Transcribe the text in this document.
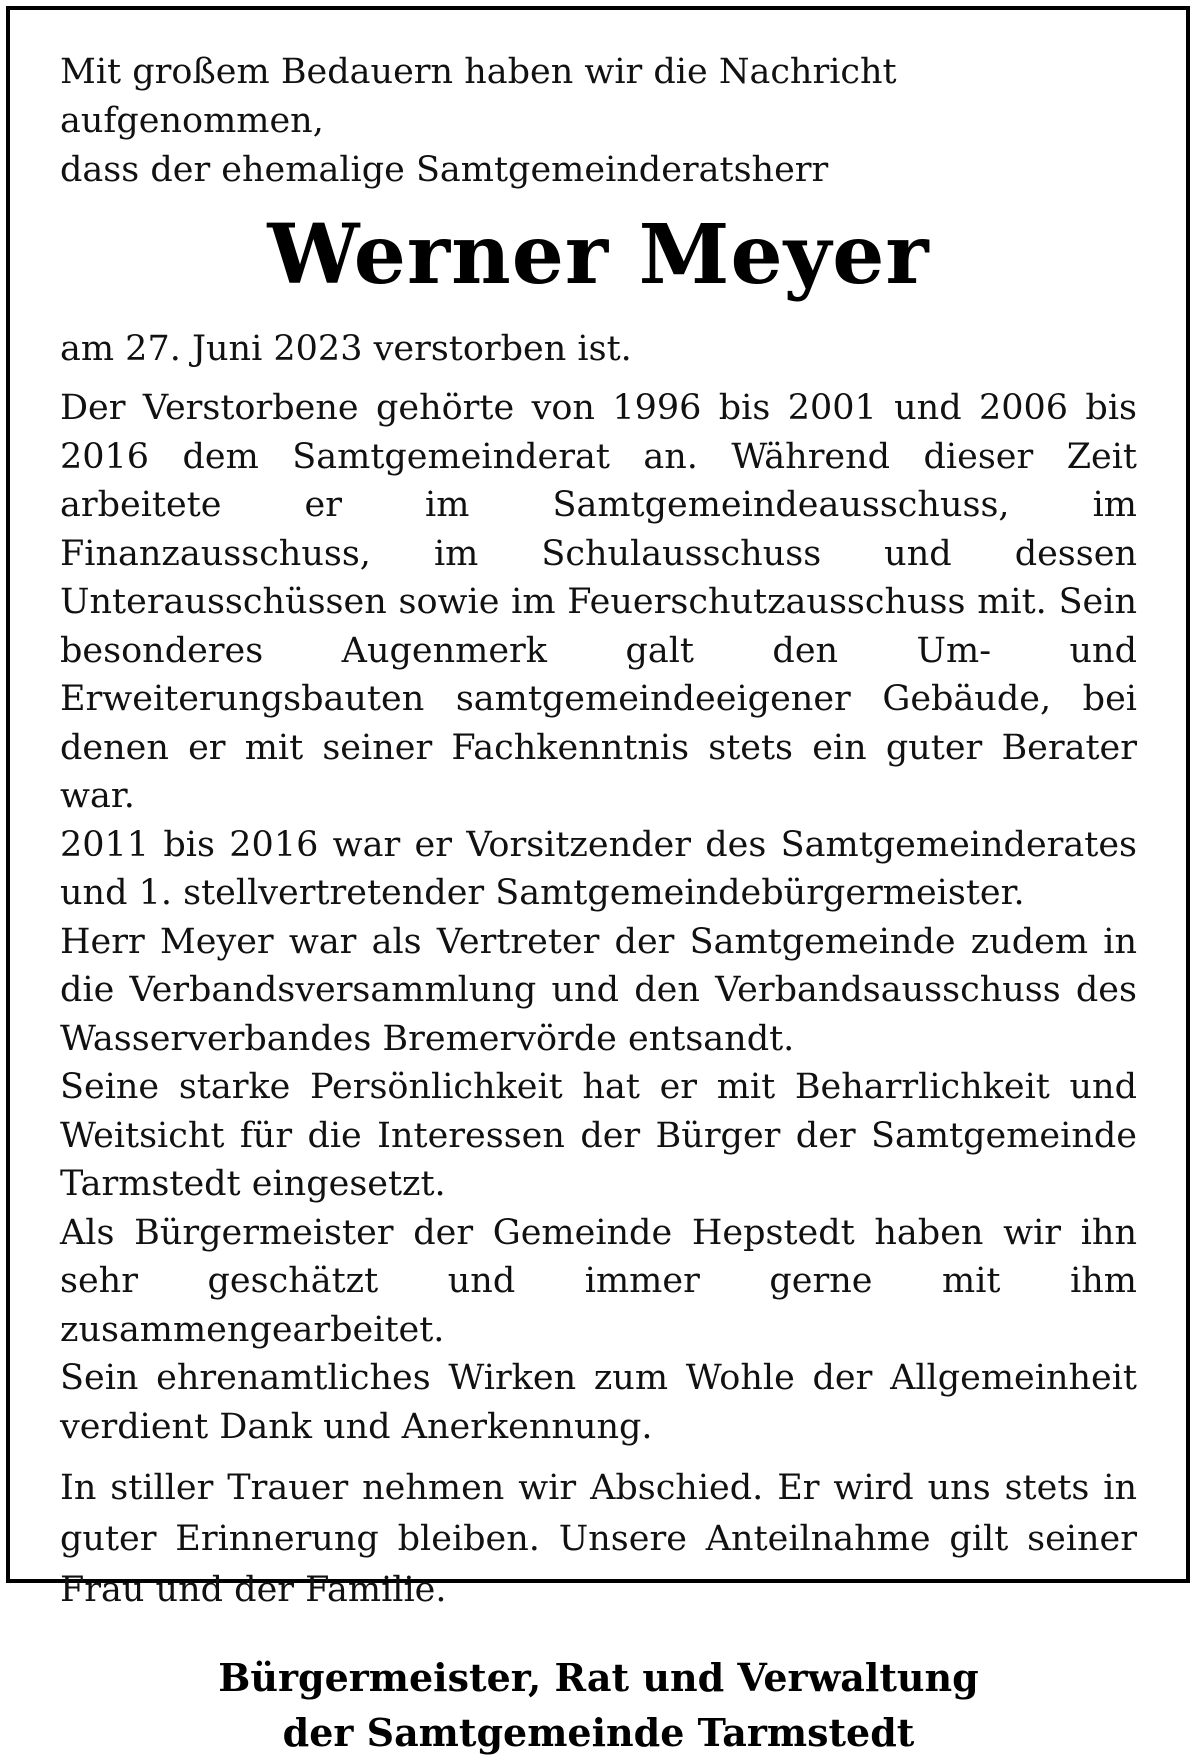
Mit großem Bedauern haben wir die Nachricht aufgenommen,
dass der ehemalige Samtgemeinderatsherr

Werner Meyer

am 27. Juni 2023 verstorben ist.

Der Verstorbene gehörte von 1996 bis 2001 und 2006 bis 2016 dem Samtgemeinderat an. Während dieser Zeit arbeitete er im Samtgemeindeausschuss, im Finanzausschuss, im Schulausschuss und dessen Unterausschüssen sowie im Feuerschutzausschuss mit. Sein besonderes Augenmerk galt den Um- und Erweiterungsbauten samtgemeindeeigener Gebäude, bei denen er mit seiner Fachkenntnis stets ein guter Berater war.

2011 bis 2016 war er Vorsitzender des Samtgemeinderates und 1. stellvertretender Samtgemeindebürgermeister.

Herr Meyer war als Vertreter der Samtgemeinde zudem in die Verbandsversammlung und den Verbandsausschuss des Wasserverbandes Bremervörde entsandt.

Seine starke Persönlichkeit hat er mit Beharrlichkeit und Weitsicht für die Interessen der Bürger der Samtgemeinde Tarmstedt eingesetzt.

Als Bürgermeister der Gemeinde Hepstedt haben wir ihn sehr geschätzt und immer gerne mit ihm zusammengearbeitet.

Sein ehrenamtliches Wirken zum Wohle der Allgemeinheit verdient Dank und Anerkennung.

In stiller Trauer nehmen wir Abschied. Er wird uns stets in guter Erinnerung bleiben. Unsere Anteilnahme gilt seiner Frau und der Familie.

Bürgermeister, Rat und Verwaltung
der Samtgemeinde Tarmstedt
